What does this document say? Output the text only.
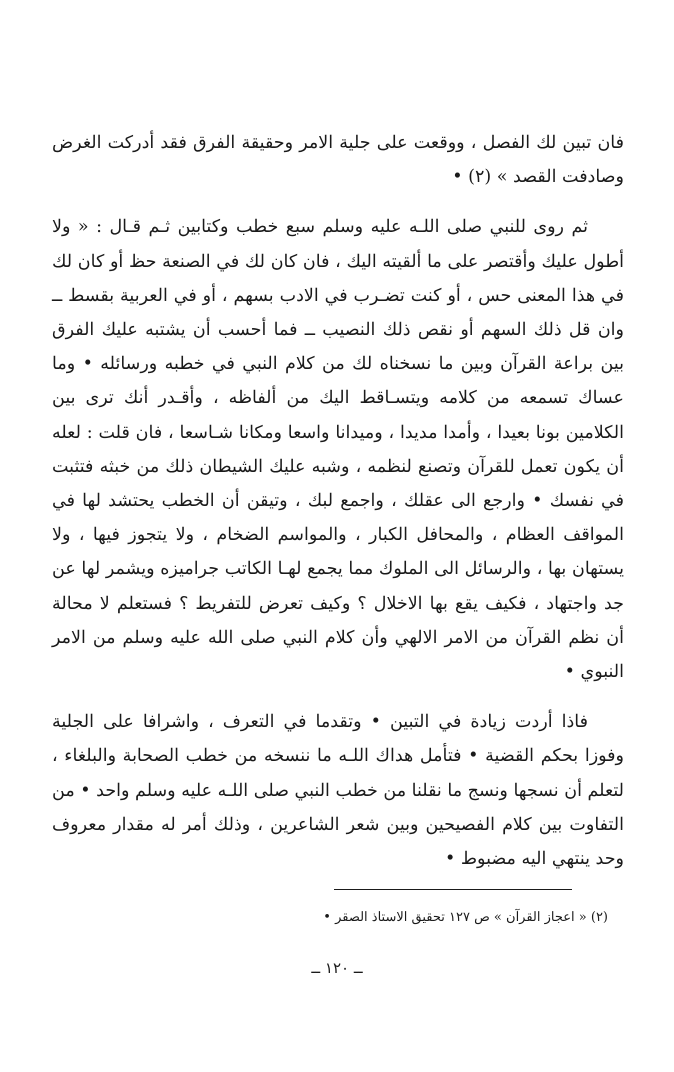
فان تبين لك الفصل ، ووقعت على جلية الامر وحقيقة الفرق فقد أدركت الغرض وصادفت القصد » (٢) •

ثم روى للنبي صلى اللـه عليه وسلم سبع خطب وكتابين ثـم قـال : « ولا أطول عليك وأقتصر على ما ألقيته اليك ، فان كان لك في الصنعة حظ أو كان لك في هذا المعنى حس ، أو كنت تضـرب في الادب بسهم ، أو في العربية بقسط ــ وان قل ذلك السهم أو نقص ذلك النصيب ــ فما أحسب أن يشتبه عليك الفرق بين براعة القرآن وبين ما نسخناه لك من كلام النبي في خطبه ورسائله • وما عساك تسمعه من كلامه ويتسـاقط اليك من ألفاظه ، وأقـدر أنك ترى بين الكلامين بونا بعيدا ، وأمدا مديدا ، وميدانا واسعا ومكانا شـاسعا ، فان قلت : لعله أن يكون تعمل للقرآن وتصنع لنظمه ، وشبه عليك الشيطان ذلك من خبثه فتثبت في نفسك • وارجع الى عقلك ، واجمع لبك ، وتيقن أن الخطب يحتشد لها في المواقف العظام ، والمحافل الكبار ، والمواسم الضخام ، ولا يتجوز فيها ، ولا يستهان بها ، والرسائل الى الملوك مما يجمع لهـا الكاتب جراميزه ويشمر لها عن جد واجتهاد ، فكيف يقع بها الاخلال ؟ وكيف تعرض للتفريط ؟ فستعلم لا محالة أن نظم القرآن من الامر الالهي وأن كلام النبي صلى الله عليه وسلم من الامر النبوي •

فاذا أردت زيادة في التبين • وتقدما في التعرف ، واشرافا على الجلية وفوزا بحكم القضية • فتأمل هداك اللـه ما ننسخه من خطب الصحابة والبلغاء ، لتعلم أن نسجها ونسج ما نقلنا من خطب النبي صلى اللـه عليه وسلم واحد • من التفاوت بين كلام الفصيحين وبين شعر الشاعرين ، وذلك أمر له مقدار معروف وحد ينتهي اليه مضبوط •

(٢) « اعجاز القرآن » ص ١٢٧ تحقيق الاستاذ الصقر •
ــ ١٢٠ ــ
